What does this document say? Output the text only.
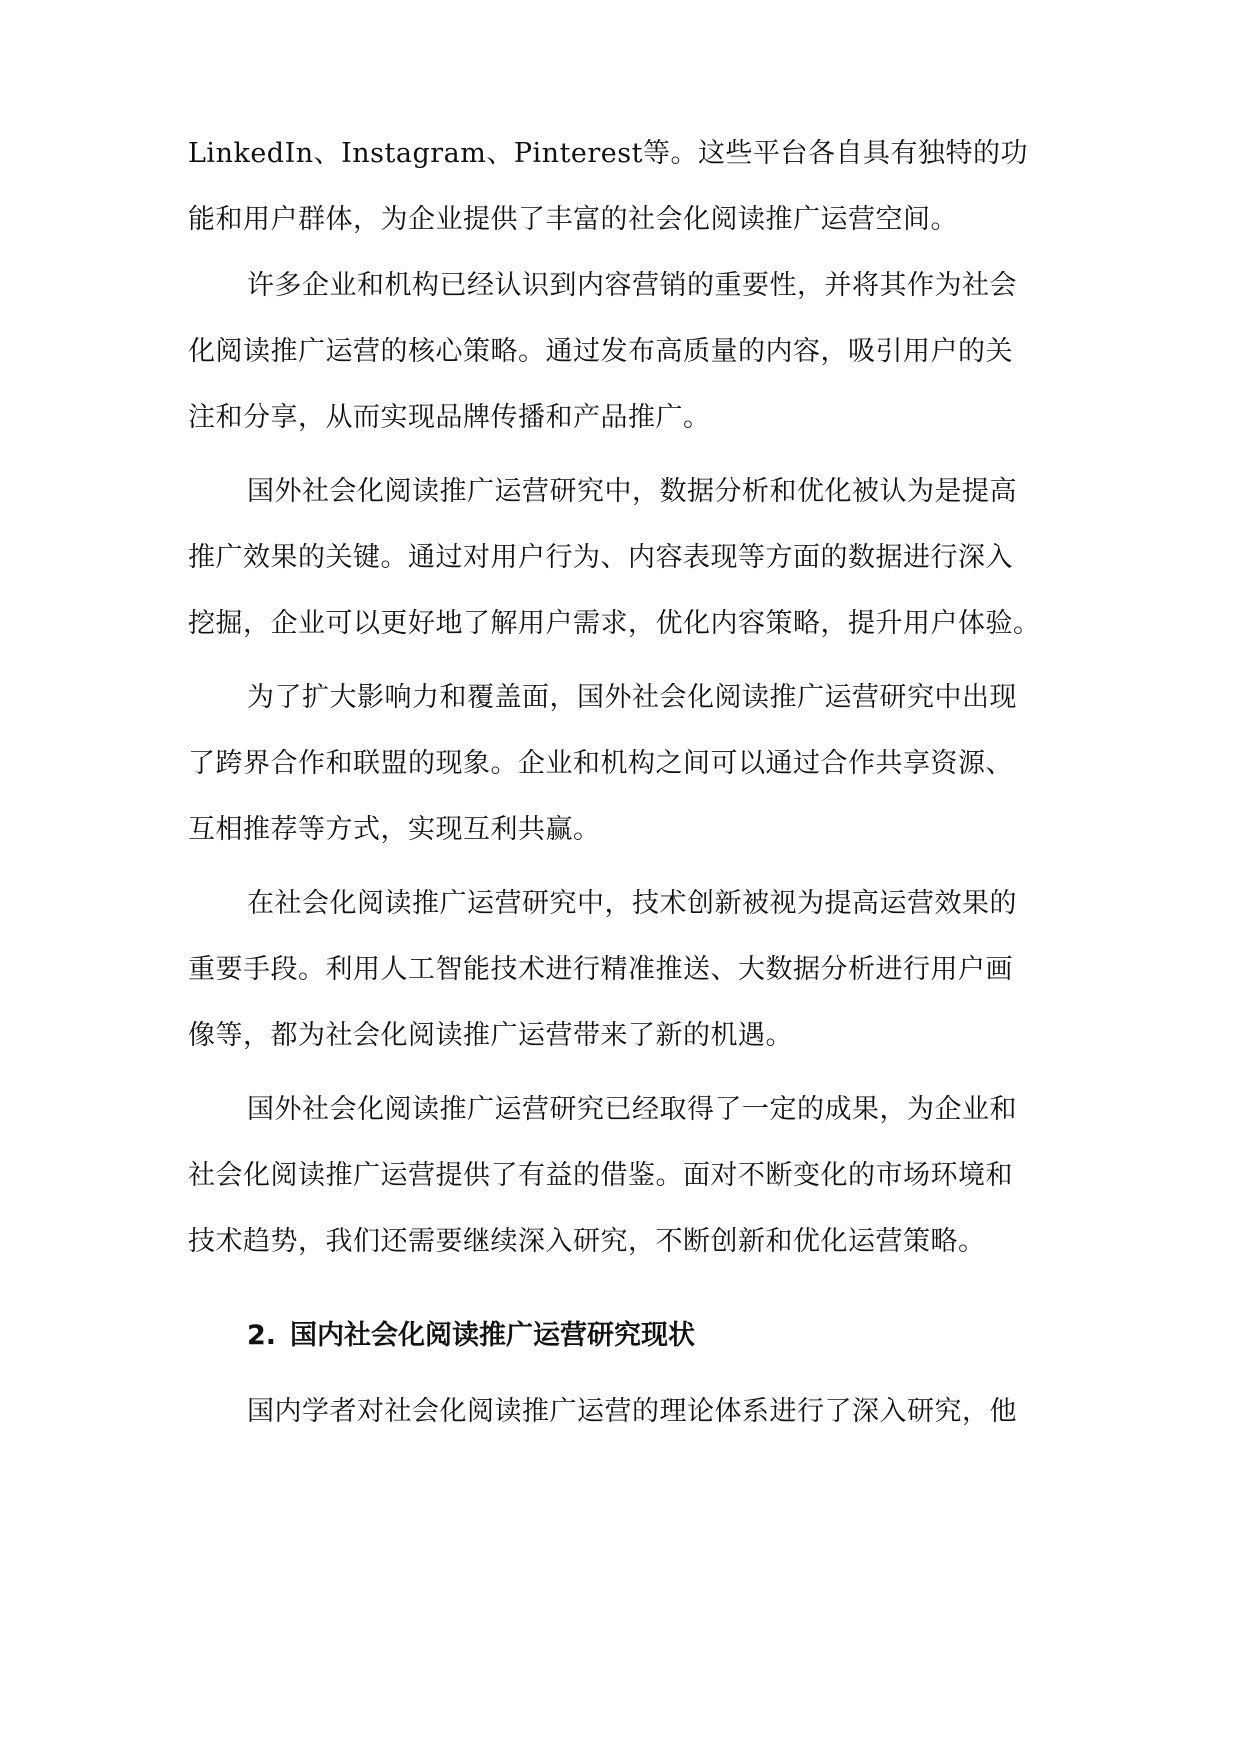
LinkedIn、Instagram、Pinterest等。这些平台各自具有独特的功
能和用户群体，为企业提供了丰富的社会化阅读推广运营空间。
许多企业和机构已经认识到内容营销的重要性，并将其作为社会
化阅读推广运营的核心策略。通过发布高质量的内容，吸引用户的关
注和分享，从而实现品牌传播和产品推广。
国外社会化阅读推广运营研究中，数据分析和优化被认为是提高
推广效果的关键。通过对用户行为、内容表现等方面的数据进行深入
挖掘，企业可以更好地了解用户需求，优化内容策略，提升用户体验。
为了扩大影响力和覆盖面，国外社会化阅读推广运营研究中出现
了跨界合作和联盟的现象。企业和机构之间可以通过合作共享资源、
互相推荐等方式，实现互利共赢。
在社会化阅读推广运营研究中，技术创新被视为提高运营效果的
重要手段。利用人工智能技术进行精准推送、大数据分析进行用户画
像等，都为社会化阅读推广运营带来了新的机遇。
国外社会化阅读推广运营研究已经取得了一定的成果，为企业和
社会化阅读推广运营提供了有益的借鉴。面对不断变化的市场环境和
技术趋势，我们还需要继续深入研究，不断创新和优化运营策略。
2. 国内社会化阅读推广运营研究现状
国内学者对社会化阅读推广运营的理论体系进行了深入研究，他
